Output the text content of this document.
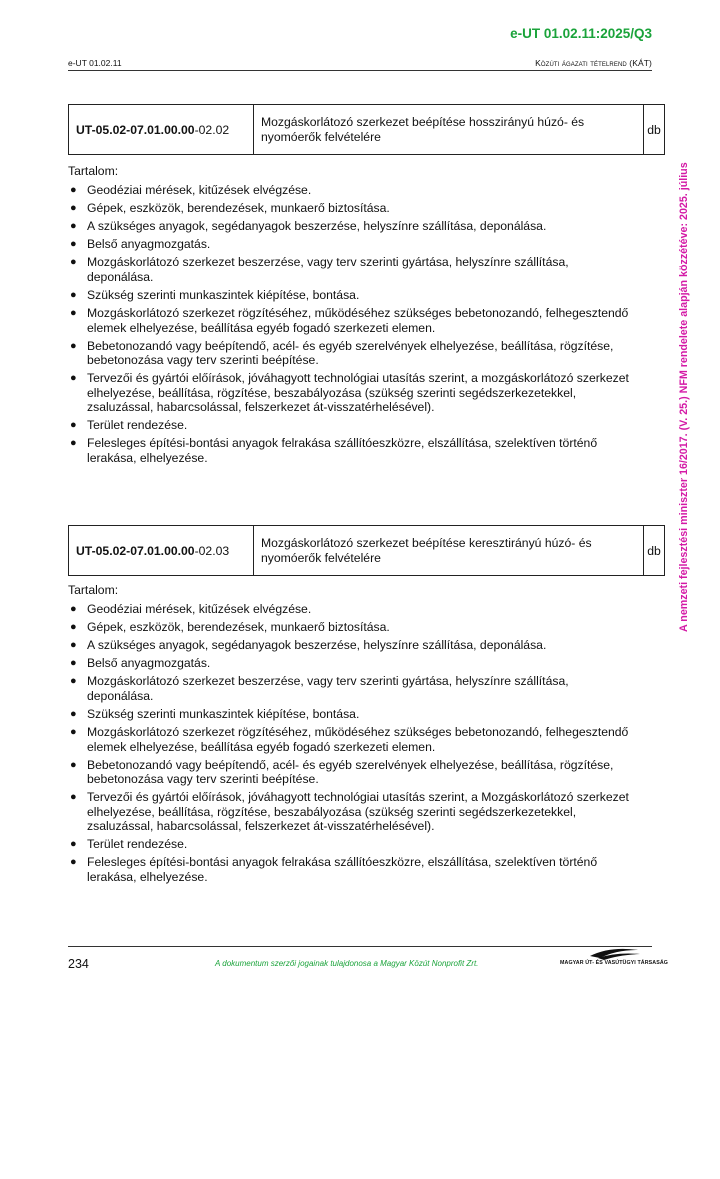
e-UT 01.02.11:2025/Q3
e-UT 01.02.11	Közúti ágazati tételrend (KÁT)
A nemzeti fejlesztési miniszter 16/2017. (V. 25.) NFM rendelete alapján közzétéve: 2025. július
UT-05.02-07.01.00.00-02.02	Mozgáskorlátozó szerkezet beépítése hosszirányú húzó- és nyomóerők felvételére	db
Tartalom:
● Geodéziai mérések, kitűzések elvégzése.
● Gépek, eszközök, berendezések, munkaerő biztosítása.
● A szükséges anyagok, segédanyagok beszerzése, helyszínre szállítása, deponálása.
● Belső anyagmozgatás.
● Mozgáskorlátozó szerkezet beszerzése, vagy terv szerinti gyártása, helyszínre szállítása, deponálása.
● Szükség szerinti munkaszintek kiépítése, bontása.
● Mozgáskorlátozó szerkezet rögzítéséhez, működéséhez szükséges bebetonozandó, felhegesztendő elemek elhelyezése, beállítása egyéb fogadó szerkezeti elemen.
● Bebetonozandó vagy beépítendő, acél- és egyéb szerelvények elhelyezése, beállítása, rögzítése, bebetonozása vagy terv szerinti beépítése.
● Tervezői és gyártói előírások, jóváhagyott technológiai utasítás szerint, a mozgáskorlátozó szerkezet elhelyezése, beállítása, rögzítése, beszabályozása (szükség szerinti segédszerkezetekkel, zsaluzással, habarcsolással, felszerkezet át-visszatérhelésével).
● Terület rendezése.
● Felesleges építési-bontási anyagok felrakása szállítóeszközre, elszállítása, szelektíven történő lerakása, elhelyezése.
UT-05.02-07.01.00.00-02.03	Mozgáskorlátozó szerkezet beépítése keresztirányú húzó- és nyomóerők felvételére	db
Tartalom:
● Geodéziai mérések, kitűzések elvégzése.
● Gépek, eszközök, berendezések, munkaerő biztosítása.
● A szükséges anyagok, segédanyagok beszerzése, helyszínre szállítása, deponálása.
● Belső anyagmozgatás.
● Mozgáskorlátozó szerkezet beszerzése, vagy terv szerinti gyártása, helyszínre szállítása, deponálása.
● Szükség szerinti munkaszintek kiépítése, bontása.
● Mozgáskorlátozó szerkezet rögzítéséhez, működéséhez szükséges bebetonozandó, felhegesztendő elemek elhelyezése, beállítása egyéb fogadó szerkezeti elemen.
● Bebetonozandó vagy beépítendő, acél- és egyéb szerelvények elhelyezése, beállítása, rögzítése, bebetonozása vagy terv szerinti beépítése.
● Tervezői és gyártói előírások, jóváhagyott technológiai utasítás szerint, a Mozgáskorlátozó szerkezet elhelyezése, beállítása, rögzítése, beszabályozása (szükség szerinti segédszerkezetekkel, zsaluzással, habarcsolással, felszerkezet át-visszatérhelésével).
● Terület rendezése.
● Felesleges építési-bontási anyagok felrakása szállítóeszközre, elszállítása, szelektíven történő lerakása, elhelyezése.
234	A dokumentum szerzői jogainak tulajdonosa a Magyar Közút Nonprofit Zrt.	MAGYAR ÚT- ÉS VASÚTÜGYI TÁRSASÁG
